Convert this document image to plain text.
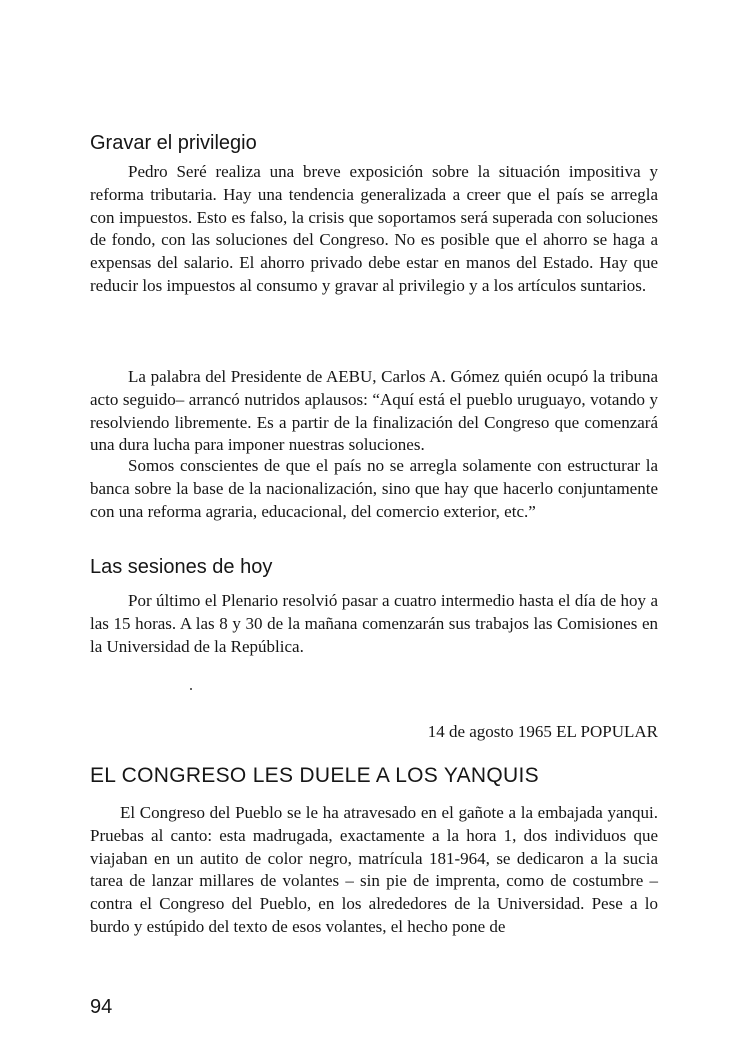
Gravar el privilegio

Pedro Seré realiza una breve exposición sobre la situación impositiva y reforma tributaria. Hay una tendencia generalizada a creer que el país se arregla con impuestos. Esto es falso, la crisis que soportamos será superada con soluciones de fondo, con las soluciones del Congreso. No es posible que el ahorro se haga a expensas del salario. El ahorro privado debe estar en manos del Estado. Hay que reducir los impuestos al consumo y gravar al privilegio y a los artículos suntarios.

La palabra del Presidente de AEBU, Carlos A. Gómez quién ocupó la tribuna acto seguido– arrancó nutridos aplausos: “Aquí está el pueblo uruguayo, votando y resolviendo libremente. Es a partir de la finalización del Congreso que comenzará una dura lucha para imponer nuestras soluciones.

Somos conscientes de que el país no se arregla solamente con estructurar la banca sobre la base de la nacionalización, sino que hay que hacerlo conjuntamente con una reforma agraria, educacional, del comercio exterior, etc.”

Las sesiones de hoy

Por último el Plenario resolvió pasar a cuatro intermedio hasta el día de hoy a las 15 horas. A las 8 y 30 de la mañana comenzarán sus trabajos las Comisiones en la Universidad de la República.

14 de agosto 1965 EL POPULAR

EL CONGRESO LES DUELE A LOS YANQUIS

El Congreso del Pueblo se le ha atravesado en el gañote a la embajada yanqui. Pruebas al canto: esta madrugada, exactamente a la hora 1, dos individuos que viajaban en un autito de color negro, matrícula 181-964, se dedicaron a la sucia tarea de lanzar millares de volantes – sin pie de imprenta, como de costumbre – contra el Congreso del Pueblo, en los alrededores de la Universidad. Pese a lo burdo y estúpido del texto de esos volantes, el hecho pone de

94
